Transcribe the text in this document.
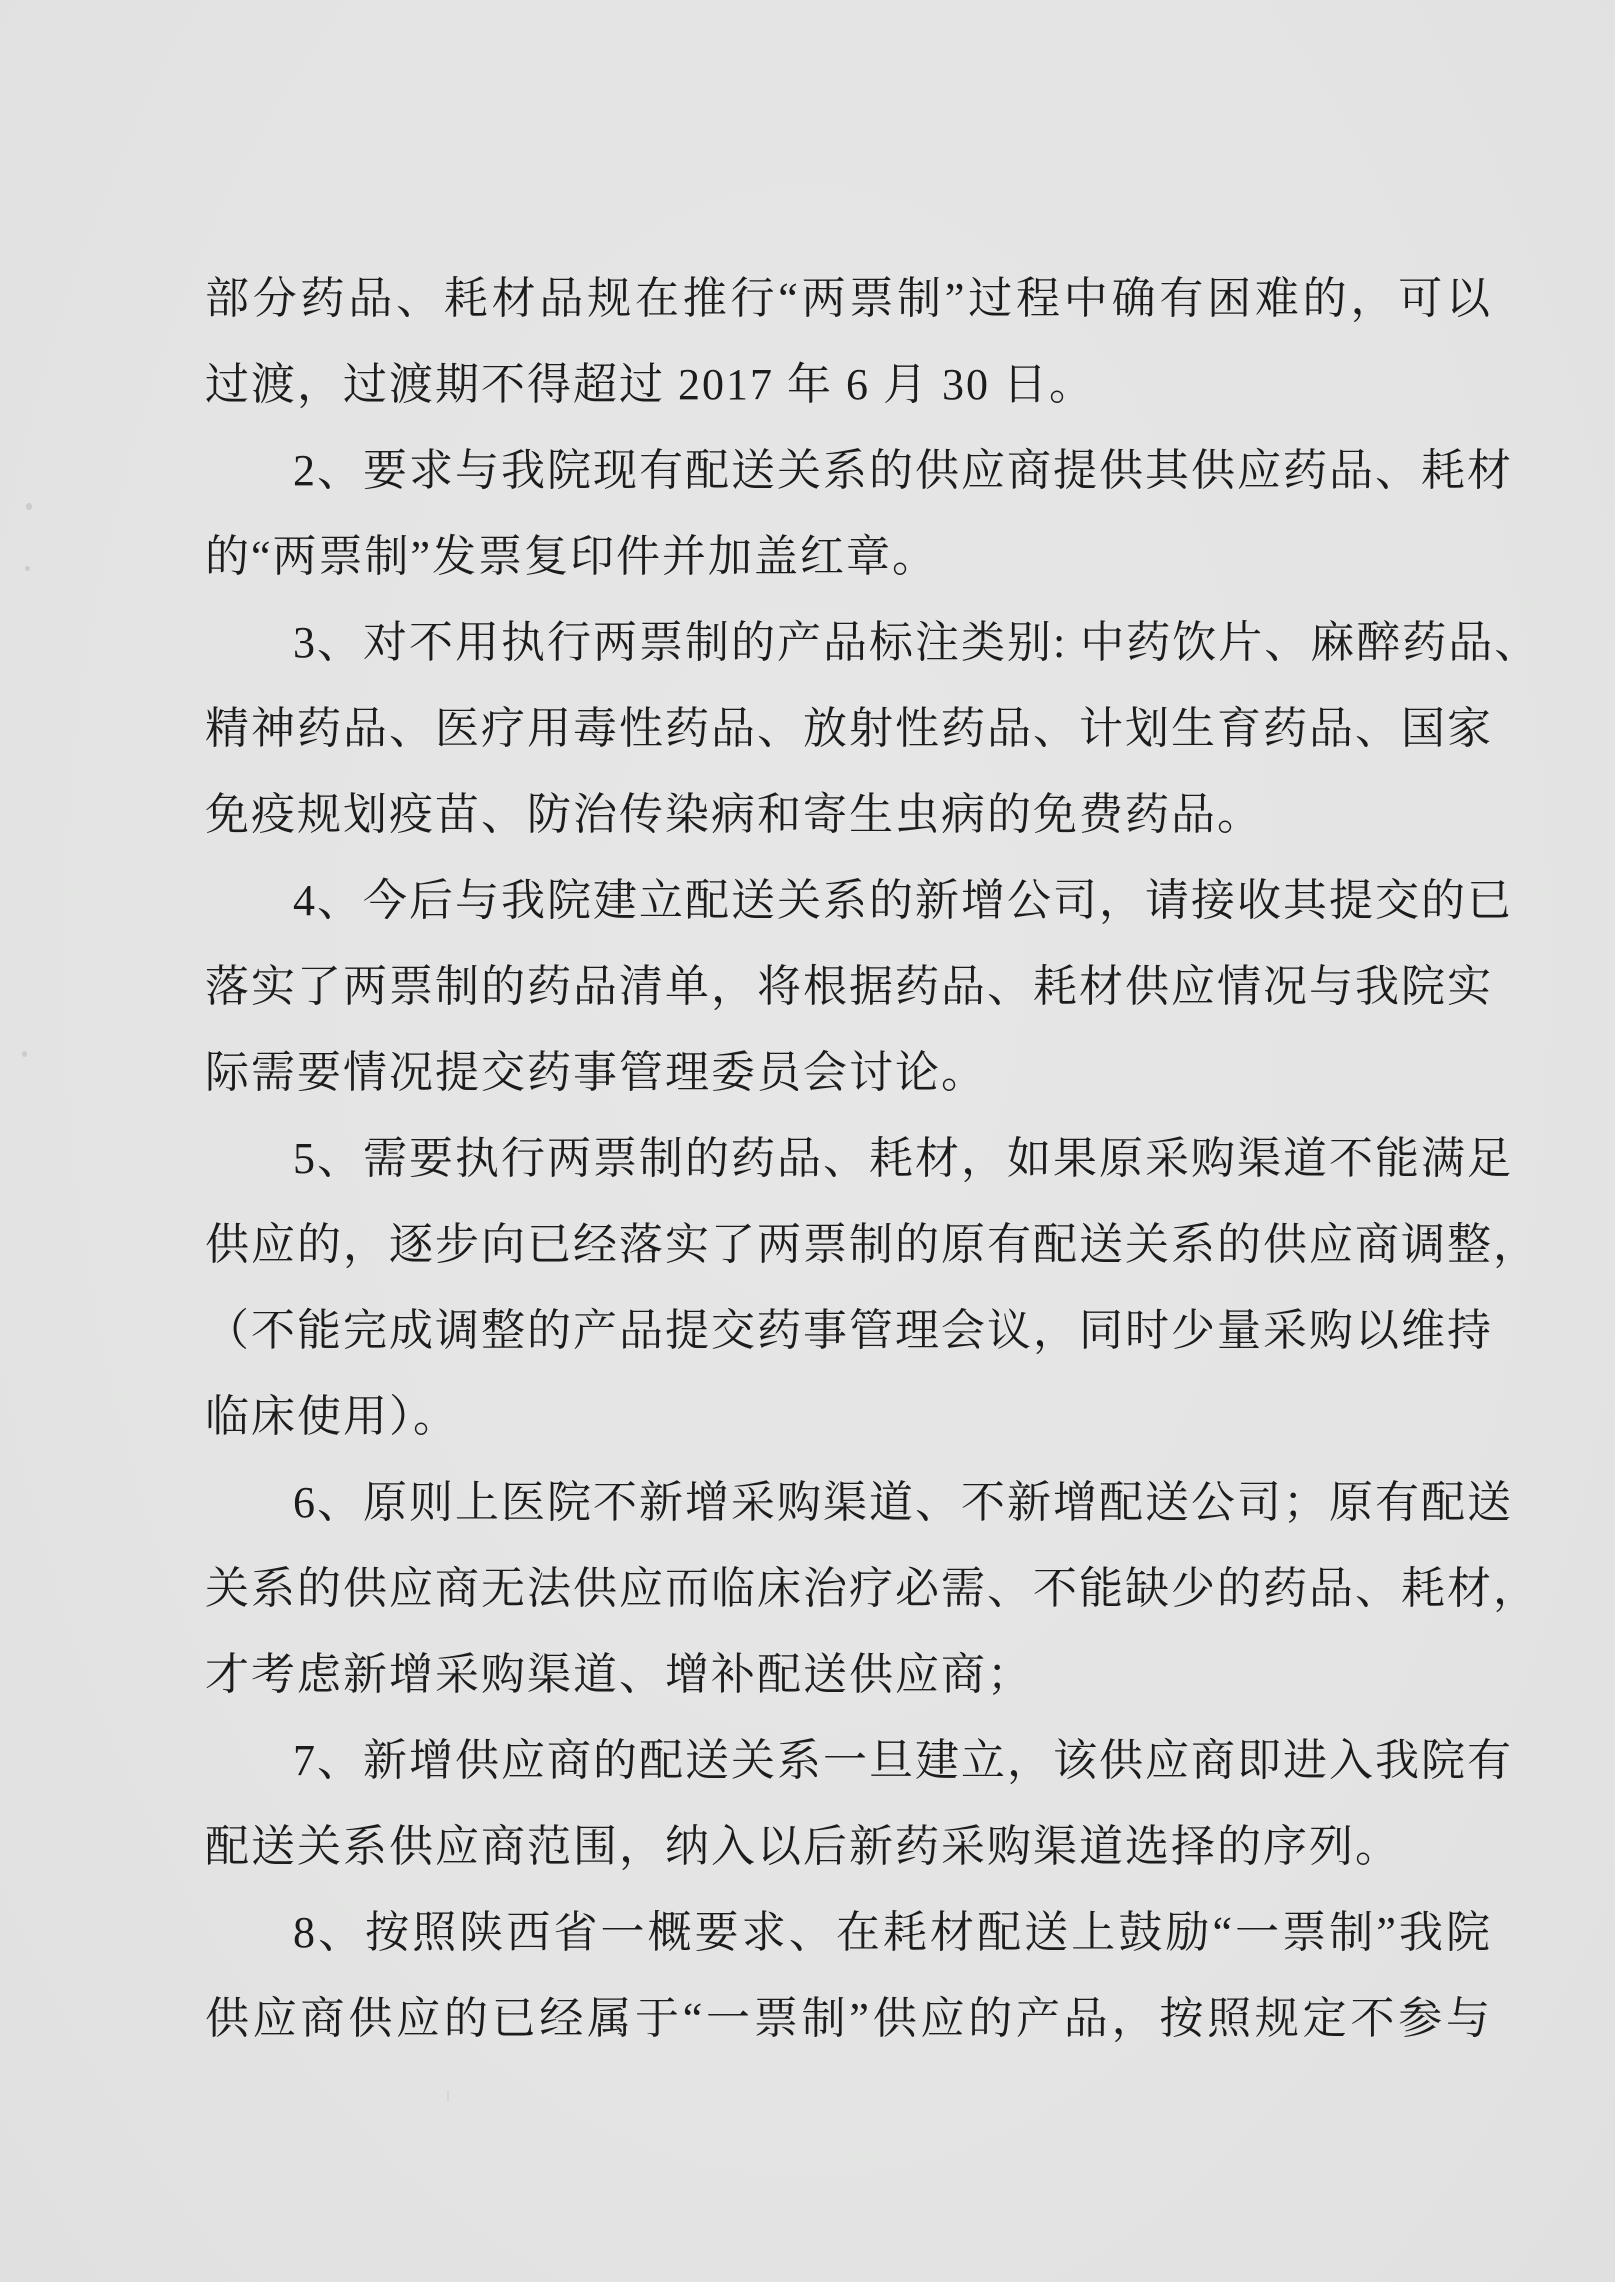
部分药品、耗材品规在推行“两票制”过程中确有困难的，可以

过渡，过渡期不得超过 2017 年 6 月 30 日。

2、要求与我院现有配送关系的供应商提供其供应药品、耗材

的“两票制”发票复印件并加盖红章。

3、对不用执行两票制的产品标注类别: 中药饮片、麻醉药品、

精神药品、医疗用毒性药品、放射性药品、计划生育药品、国家

免疫规划疫苗、防治传染病和寄生虫病的免费药品。

4、今后与我院建立配送关系的新增公司，请接收其提交的已

落实了两票制的药品清单，将根据药品、耗材供应情况与我院实

际需要情况提交药事管理委员会讨论。

5、需要执行两票制的药品、耗材，如果原采购渠道不能满足

供应的，逐步向已经落实了两票制的原有配送关系的供应商调整，

（不能完成调整的产品提交药事管理会议，同时少量采购以维持

临床使用）。

6、原则上医院不新增采购渠道、不新增配送公司；原有配送

关系的供应商无法供应而临床治疗必需、不能缺少的药品、耗材，

才考虑新增采购渠道、增补配送供应商；

7、新增供应商的配送关系一旦建立，该供应商即进入我院有

配送关系供应商范围，纳入以后新药采购渠道选择的序列。

8、按照陕西省一概要求、在耗材配送上鼓励“一票制”我院

供应商供应的已经属于“一票制”供应的产品，按照规定不参与
